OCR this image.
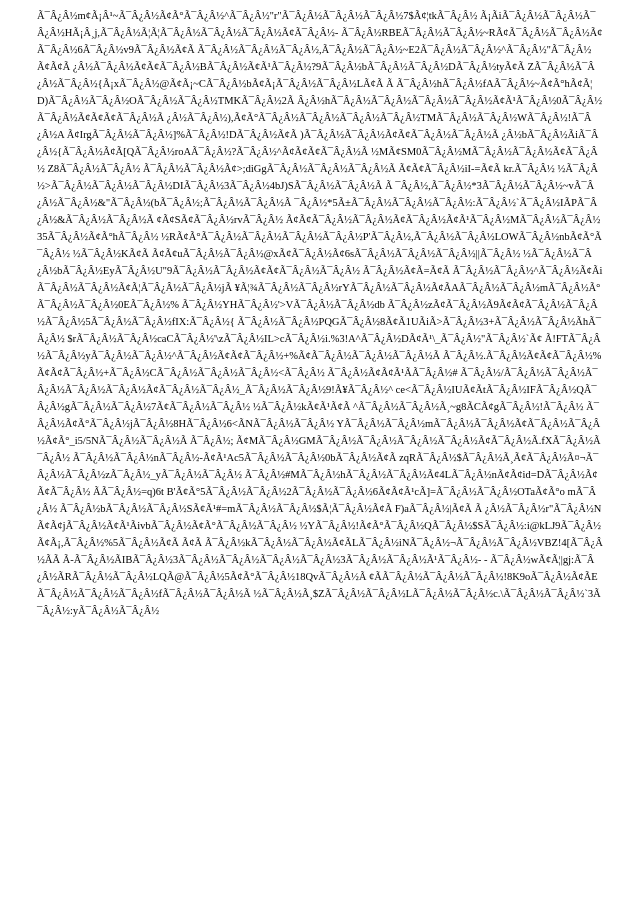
Ã¯Â¿Â½m¢Ã¡Â¹~Ã¯Â¿Â½Ã¢Ã°Ã¯Â¿Â½^Ã¯Â¿Â½"r"Ã¯Â¿Â½Ã¯Â¿Â½Ã¯Â¿Â½7$Ã¢¦tkÃ¯Â¿Â½ Ã¡ÃiÃ¯Â¿Â½Ã¯Â¿Â½Ã¯Â¿Â½HÃ¡Â¸j,Ã¯Â¿Â½Ã¦Ã¦Ã¯Â¿Â½Ã¯Â¿Â½Ã¯Â¿Â½Ã¢Ã¯Â¿Â½- Ã¯Â¿Â½RBEÃ¯Â¿Â½Ã¯Â¿Â½~RÃ¢Ã¯Â¿Â½Ã¯Â¿Â½Ã¢Ã¯Â¿Â½6Ã¯Â¿Â½v9Ã¯Â¿Â½Ã¢Ã Ã¯Â¿Â½Ã¯Â¿Â½Ã¯Â¿Â½,Ã¯Â¿Â½Ã¯Â¿Â½~E2Ã¯Â¿Â½Ã¯Â¿Â½^Ã¯Â¿Â½"Ã¯Â¿Â½Ã¢Ã¢Ã ¿Â½Ã¯Â¿Â½Ã¢Ã¢Ã¯Â¿Â½BÃ¯Â¿Â½Ã¢Ã¹Ã¯Â¿Â½?9Ã¯Â¿Â½bÃ¯Â¿Â½Ã¯Â¿Â½DÃ¯Â¿Â½tyÃ¢Ã ZÃ¯Â¿Â½Ã¯Â¿Â½Ã¯Â¿Â½{Ã¡xÃ¯Â¿Â½@Ã¢Ã¡~CÃ¯Â¿Â½bÃ¢Ã¡Ã¯Â¿Â½Ã¯Â¿Â½LÃ¢Ã Ã Ã¯Â¿Â½hÃ¯Â¿Â½fAÃ¯Â¿Â½~Ã¢Ã°hÃ¢Ã¦D)Ã¯Â¿Â½Ã¯Â¿Â½OÃ¯Â¿Â½Ã¯Â¿Â½TMKÃ¯Â¿Â½2Ã Â¿Â½hÃ¯Â¿Â½Ã¯Â¿Â½Ã¯Â¿Â½Ã¯Â¿Â½Ã¢Ã¹Ã¯Â¿Â½0Ã¯Â¿Â½Ã¯Â¿Â½Ã¢Ã¢Ã¢Ã¯Â¿Â½Ã ¿Â½Ã¯Â¿Â½),Ã¢Ã°Ã¯Â¿Â½Ã¯Â¿Â½Ã¯Â¿Â½Ã¯Â¿Â½TMÃ¯Â¿Â½Ã¯Â¿Â½WÃ¯Â¿Â½!Ã¯Â¿Â½A Ã¢IrgÃ¯Â¿Â½Ã¯Â¿Â½]%Ã¯Â¿Â½!DÃ¯Â¿Â½Ã¢Ã )Ã¯Â¿Â½Ã¯Â¿Â½Ã¢Ã¢Ã¯Â¿Â½Ã¯Â¿Â½Ã ¿Â½bÃ¯Â¿Â½ÃiÃ¯Â¿Â½{Ã¯Â¿Â½Ã¢Ã[QÃ¯Â¿Â½roAÃ¯Â¿Â½?Ã¯Â¿Â½^Ã¢Ã¢Ã¢Ã¯Â¿Â½Ã ½MÃ¢SM0Ã¯Â¿Â½MÃ¯Â¿Â½Ã¯Â¿Â½Ã¢Ã¯Â¿Â½ Z8Ã¯Â¿Â½Ã¯Â¿Â½ Ã¯Â¿Â½Ã¯Â¿Â½Ã¢>;diGgÃ¯Â¿Â½Ã¯Â¿Â½Ã¯Â¿Â½Ã Ã¢Ã¢Ã¯Â¿Â½iI-=Ã¢Ã kr.Ã¯Â¿Â½ ½Ã¯Â¿Â½>Ã¯Â¿Â½Ã¯Â¿Â½Ã¯Â¿Â½DIÃ¯Â¿Â½3Ã¯Â¿Â½4bJ)SÃ¯Â¿Â½Ã¯Â¿Â½Ã Ã ¯Â¿Â½,Ã¯Â¿Â½*3Ã¯Â¿Â½Ã¯Â¿Â½~vÃ¯Â¿Â½Ã¯Â¿Â½&"Ã¯Â¿Â½(bÃ¯Â¿Â½;Ã¯Â¿Â½Ã¯Â¿Â½Ã ¯Â¿Â½*5Ã±Ã¯Â¿Â½Ã¯Â¿Â½Ã¯Â¿Â½:Ã¯Â¿Â½`Ã¯Â¿Â½IÃPÃ¯Â¿Â½&Ã¯Â¿Â½Ã¯Â¿Â½Ã ¢Ã¢SÃ¢Ã¯Â¿Â½rvÃ¯Â¿Â½ Ã¢Ã¢Ã¯Â¿Â½Ã¯Â¿Â½Ã¢Ã¯Â¿Â½Ã¢Ã¹Ã¯Â¿Â½MÃ¯Â¿Â½Ã¯Â¿Â½35Ã¯Â¿Â½Ã¢Ã°hÃ¯Â¿Â½ ½RÃ¢Ã°Ã¯Â¿Â½Ã¯Â¿Â½Ã¯Â¿Â½Ã¯Â¿Â½P'Ã¯Â¿Â½,Ã¯Â¿Â½Ã¯Â¿Â½LOWÃ¯Â¿Â½nbÃ¢Ã°Ã¯Â¿Â½ ½Ã¯Â¿Â½KÃ¢Ã Ã¢Ã¢uÃ¯Â¿Â½Ã¯Â¿Â½@xÃ¢Ã¯Â¿Â½Ã¢6sÃ¯Â¿Â½Ã¯Â¿Â½Ã¯Â¿Â½||Ã¯Â¿Â½ ½Ã¯Â¿Â½Ã¯Â¿Â½bÃ¯Â¿Â½EyÃ¯Â¿Â½U"9Ã¯Â¿Â½Ã¯Â¿Â½Ã¢Ã¢Ã¯Â¿Â½Ã¯Â¿Â½ Ã¯Â¿Â½Ã¢Ã=Ã¢Ã Ã¯Â¿Â½Ã¯Â¿Â½^Ã¯Â¿Â½Ã¢ÃiÃ¯Â¿Â½Ã¯Â¿Â½Ã¢Ã¦Ã¯Â¿Â½Ã¯Â¿Â½jÃ ¥Ã¦¾Ã¯Â¿Â½Ã¯Â¿Â½rYÃ¯Â¿Â½Ã¯Â¿Â½Ã¢ÃAÃ¯Â¿Â½Ã¯Â¿Â½mÃ¯Â¿Â½Ã°Ã¯Â¿Â½Ã¯Â¿Â½0EÃ¯Â¿Â½% Ã¯Â¿Â½YHÃ¯Â¿Â½'>VÃ¯Â¿Â½Ã¯Â¿Â½db Ã¯Â¿Â½zÃ¢Ã¯Â¿Â½Ã9Ã¢Ã¢Ã¯Â¿Â½Ã¯Â¿Â½Ã¯Â¿Â½5Ã¯Â¿Â½Ã¯Â¿Â½fIX:Ã¯Â¿Â½{ Ã¯Â¿Â½Ã¯Â¿Â½PQGÃ¯Â¿Â½8Ã¢Ã1UÃiÃ>Ã¯Â¿Â½3+Ã¯Â¿Â½Ã¯Â¿Â½ÃhÃ¯Â¿Â½ $rÃ¯Â¿Â½Ã¯Â¿Â½caCÃ¯Â¿Â½'\zÃ¯Â¿Â½IL>cÃ¯Â¿Â½i.%3!A^Ã¯Â¿Â½DÃ¢Ã¹\_Ã¯Â¿Â½"Ã¯Â¿Â½`Ã¢ Ã!FTÃ¯Â¿Â½Ã¯Â¿Â½yÃ¯Â¿Â½Ã¯Â¿Â½^Ã¯Â¿Â½Ã¢Ã¢Ã¯Â¿Â½+%Ã¢Ã¯Â¿Â½Ã¯Â¿Â½Ã¯Â¿Â½Ã Ã¯Â¿Â½.Ã¯Â¿Â½Ã¢Ã¢Ã¯Â¿Â½%Ã¢Ã¢Ã¯Â¿Â½+Ã¯Â¿Â½CÃ¯Â¿Â½Ã¯Â¿Â½Ã¯Â¿Â½<Ã¯Â¿Â½ Ã¯Â¿Â½Ã¢Ã¢Ã¹ÃÃ¯Â¿Â½# Ã¯Â¿Â½/Ã¯Â¿Â½Ã¯Â¿Â½Ã¯Â¿Â½Ã¯Â¿Â½Ã¯Â¿Â½Ã¢Ã¯Â¿Â½Ã¯Â¿Â½_Ã¯Â¿Â½Ã¯Â¿Â½9!Ã¥Ã¯Â¿Â½^ ce<Ã¯Â¿Â½IUÃ¢ÃtÃ¯Â¿Â½IFÃ¯Â¿Â½QÃ¯Â¿Â½gÃ¯Â¿Â½Ã¯Â¿Â½7Ã¢Ã¯Â¿Â½Ã¯Â¿Â½ ½Ã¯Â¿Â½kÃ¢Ã¹Ã¢Ã ^Ã¯Â¿Â½Ã¯Â¿Â½Ã¸~g8ÃCÃ¢gÃ¯Â¿Â½!Ã¯Â¿Â½ Ã¯Â¿Â½Ã¢Ã°Ã¯Â¿Â½jÃ¯Â¿Â½8HÃ¯Â¿Â½6<ÃNÃ¯Â¿Â½Ã¯Â¿Â½ YÃ¯Â¿Â½Ã¯Â¿Â½mÃ¯Â¿Â½Ã¯Â¿Â½Ã¢Ã¯Â¿Â½Ã¯Â¿Â½Ã¢Ã°_i5/5NÃ¯Â¿Â½Ã¯Â¿Â½Ã Ã¯Â¿Â½; Ã¢MÃ¯Â¿Â½GMÃ¯Â¿Â½Ã¯Â¿Â½Ã¯Â¿Â½Ã¯Â¿Â½Ã¢Ã¯Â¿Â½Ã.fXÃ¯Â¿Â½Ã¯Â¿Â½ Ã¯Â¿Â½Ã¯Â¿Â½nÃ¯Â¿Â½-Ã¢Ã¹Ac5Ã¯Â¿Â½Ã¯Â¿Â½0bÃ¯Â¿Â½Ã¢Ã zqRÃ¯Â¿Â½$Ã¯Â¿Â½Ã¸Ã¢Ã¯Â¿Â½Ã¤¬Ã¯Â¿Â½Ã¯Â¿Â½zÃ¯Â¿Â½_yÃ¯Â¿Â½Ã¯Â¿Â½ Ã¯Â¿Â½#MÃ¯Â¿Â½hÃ¯Â¿Â½Ã¯Â¿Â½Ã¢4LÃ¯Â¿Â½nÃ¢Ã¢id=DÃ¯Â¿Â½Ã¢Ã¢Ã¯Â¿Â½ ÃÃ¯Â¿Â½=q)6t B'Ã¢Ã°5Ã¯Â¿Â½Ã¯Â¿Â½2Ã¯Â¿Â½Ã¯Â¿Â½6Ã¢Ã¢Ã¹cÃ]=Ã¯Â¿Â½Ã¯Â¿Â½OTaÃ¢Ã°o mÃ¯Â¿Â½ Ã¯Â¿Â½bÃ¯Â¿Â½Ã¯Â¿Â½SÃ¢Ã¹#=mÃ¯Â¿Â½Ã¯Â¿Â½$Ã¦Ã¯Â¿Â½Ã¢Ã F)aÃ¯Â¿Â½|Ã¢Ã Ã ¿Â½Ã¯Â¿Â½r"Ã¯Â¿Â½NÃ¢Ã¢jÃ¯Â¿Â½Ã¢Ã¹ÃivbÃ¯Â¿Â½Ã¢Ã°Ã¯Â¿Â½Ã¯Â¿Â½ ½YÃ¯Â¿Â½!Ã¢Ã°Ã¯Â¿Â½QÃ¯Â¿Â½$SÃ¯Â¿Â½:i@kLJ9Ã¯Â¿Â½Ã¢Ã¡,Ã¯Â¿Â½%5Ã¯Â¿Â½Ã¢Ã Ã¢Ã Ã¯Â¿Â½kÃ¯Â¿Â½Ã¯Â¿Â½Ã¢ÃLÃ¯Â¿Â½iNÃ¯Â¿Â½¬Ã¯Â¿Â½Ã¯Â¿Â½VBZ!4[Ã¯Â¿Â½ÃÃ Ã-Ã¯Â¿Â½ÃIBÃ¯Â¿Â½3Ã¯Â¿Â½Ã¯Â¿Â½Ã¯Â¿Â½Ã¯Â¿Â½3Ã¯Â¿Â½Ã¯Â¿Â½Ã¹Ã¯Â¿Â½- - Ã¯Â¿Â½wÃ¢Ã¦|gj:Ã¯Â¿Â½ÃRÃ¯Â¿Â½Ã¯Â¿Â½LQÃ@Ã¯Â¿Â½5Ã¢Ã°Ã¯Â¿Â½18QvÃ¯Â¿Â½Ã ¢ÃÃ¯Â¿Â½Ã¯Â¿Â½Ã¯Â¿Â½!8K9oÃ¯Â¿Â½Ã¢ÃEÃ¯Â¿Â½Ã¯Â¿Â½Ã¯Â¿Â½fÃ¯Â¿Â½Ã¯Â¿Â½Ã ½Ã¯Â¿Â½Ã¸$ZÃ¯Â¿Â½Ã¯Â¿Â½LÃ¯Â¿Â½Ã¯Â¿Â½c.\Ã¯Â¿Â½Ã¯Â¿Â½`3Ã¯Â¿Â½:yÃ¯Â¿Â½Ã¯Â¿Â½
